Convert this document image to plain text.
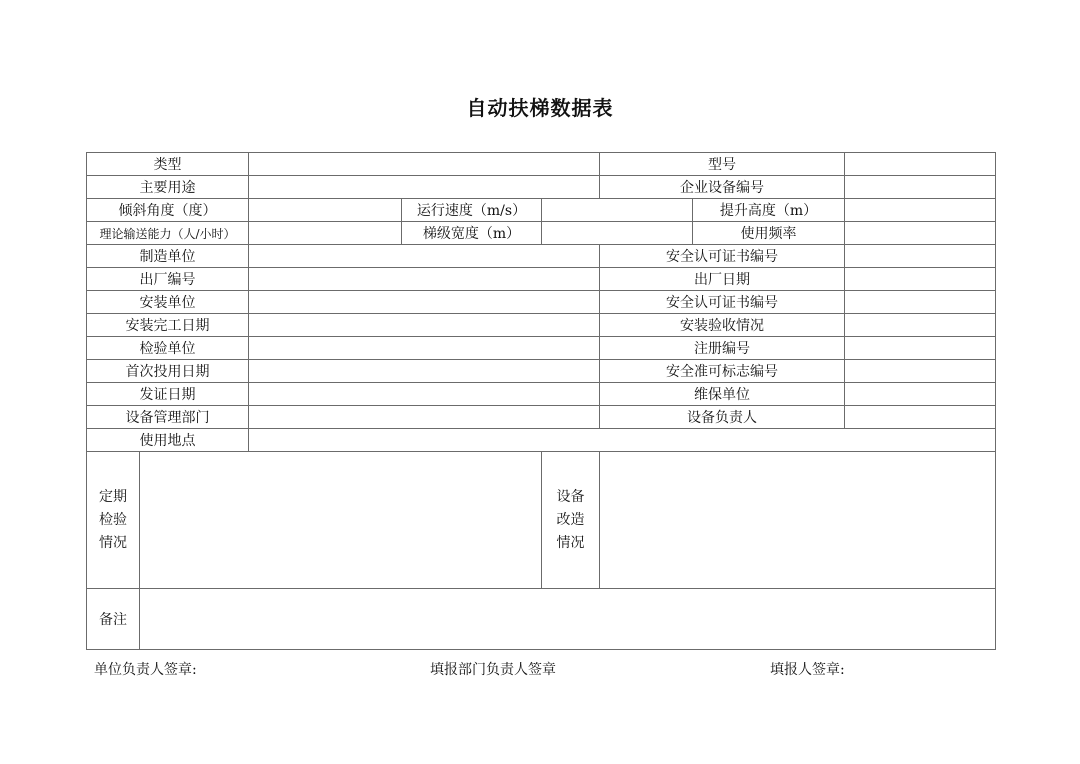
自动扶梯数据表
类型					型号		
主要用途					企业设备编号		
倾斜角度（度）			运行速度（m/s）			提升高度（m）	
理论输送能力（人/小时）			梯级宽度（m）			使用频率	
制造单位					安全认可证书编号		
出厂编号					出厂日期		
安装单位					安全认可证书编号		
安装完工日期					安装验收情况		
检验单位					注册编号		
首次投用日期					安全准可标志编号		
发证日期					维保单位		
设备管理部门					设备负责人		
使用地点							

定期
检验
情况				设备
改造
情况			

备注							
单位负责人签章:	填报部门负责人签章	填报人签章:
